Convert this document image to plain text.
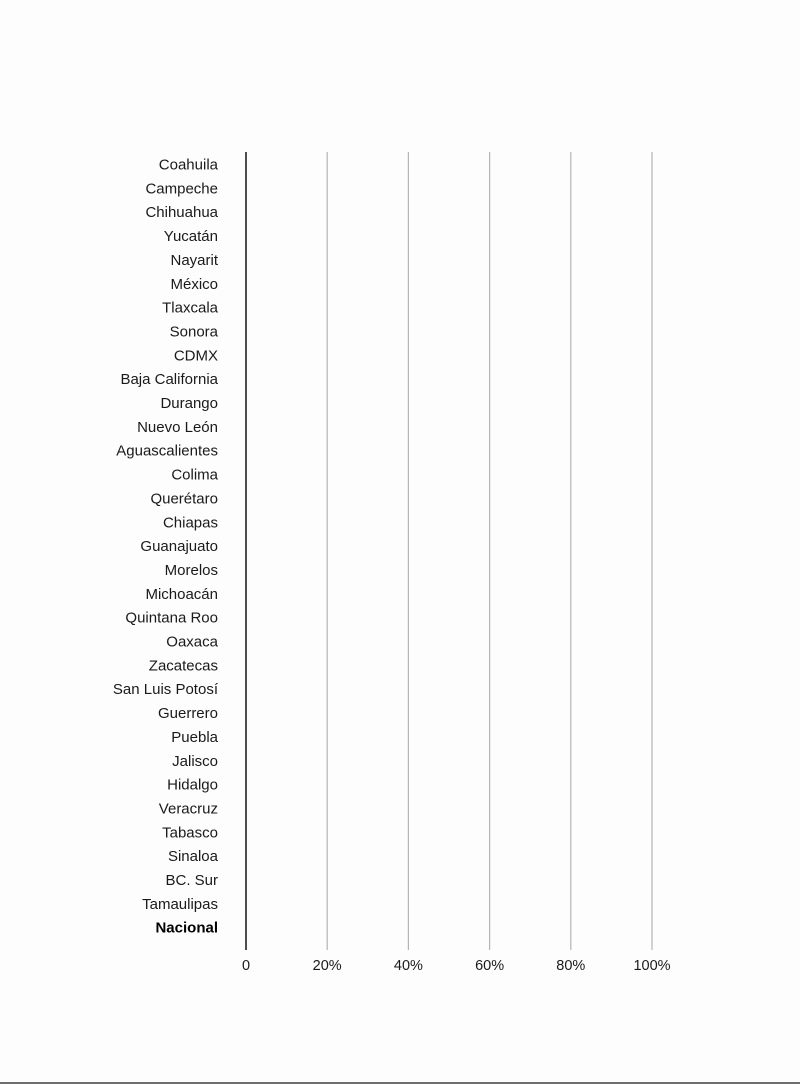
Coahuila
Campeche
Chihuahua
Yucatán
Nayarit
México
Tlaxcala
Sonora
CDMX
Baja California
Durango
Nuevo León
Aguascalientes
Colima
Querétaro
Chiapas
Guanajuato
Morelos
Michoacán
Quintana Roo
Oaxaca
Zacatecas
San Luis Potosí
Guerrero
Puebla
Jalisco
Hidalgo
Veracruz
Tabasco
Sinaloa
BC. Sur
Tamaulipas
Nacional
0	20%	40%	60%	80%	100%
